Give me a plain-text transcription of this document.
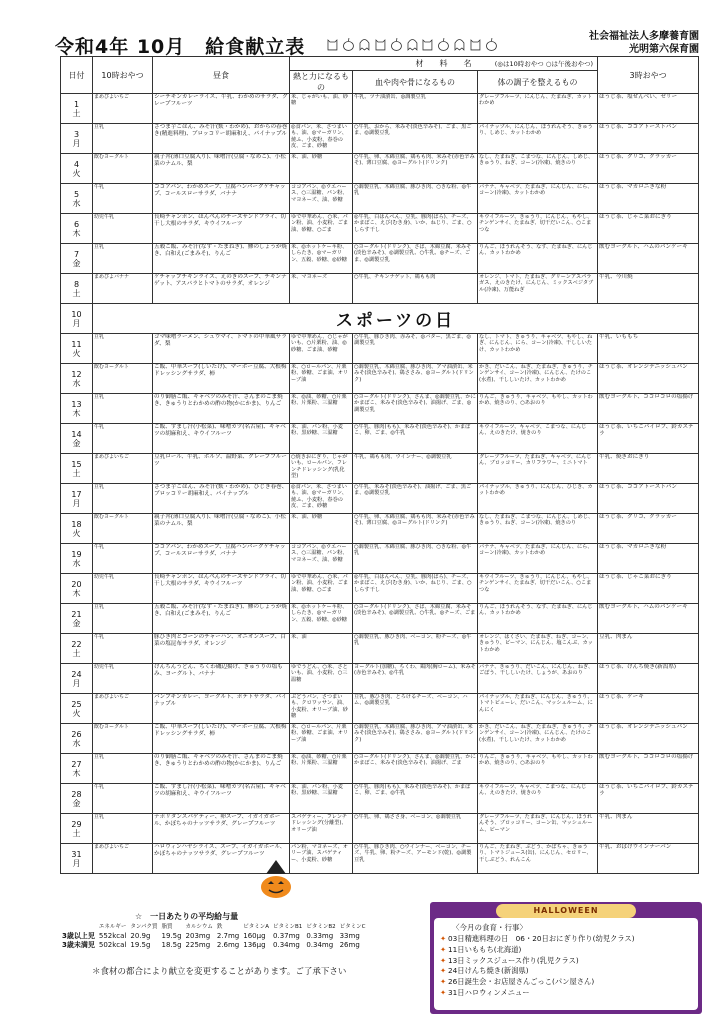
令和4年 10月　給食献立表	社会福祉法人多摩養育園
光明第六保育園
日付	10時おやつ	昼食	材　　料　　名 (◎は10時おやつ ○は午後おやつ)			3時おやつ
			熱と力になるもの	血や肉や骨になるもの	体の調子を整えるもの	

1
土	まめぴよいちご	シーチキンカレーライス、牛乳、わかめのサラダ、グレープフルーツ	米、じゃがいも、油、砂糖	牛乳、ツナ油漬缶、◎調製豆乳	グレープフルーツ、にんじん、たまねぎ、カットわかめ	ほうじ茶、塩せんべい、ゼリー

3
月	豆乳	さつま芋ごはん、みそ汁(麩・わかめ)、おからの春巻き(精進料理)、ブロッコリー胡麻和え、パイナップル	◎食パン、米、さつまいも、油、◎マーガリン、焼ふ、小麦粉、春巻の皮、ごま、砂糖	○牛乳、おから、米みそ(淡色辛みそ)、ごま、黒ごま、◎調製豆乳	パイナップル、にんじん、ほうれんそう、きゅうり、しめじ、カットわかめ	ほうじ茶、ココアトーストパン

4
火	飲むヨーグルト	親子丼(薄口豆腐入り)、味噌汁(豆腐・なめこ)、小松菜のナムル、梨	米、油、砂糖	○牛乳、卵、木綿豆腐、鶏もも肉、米みそ(赤色辛みそ)、薄口豆腐、◎ヨーグルト(ドリンク)	なし、たまねぎ、こまつな、にんじん、しめじ、きゅうり、ねぎ、コーン(冷凍)、焼きのり	ほうじ茶、グリコ、クラッカー

5
水	牛乳	ココアパン、わかめスープ、豆腐ハンバーグケチャップ、コールスローサラダ、バナナ	ココアパン、◎ウエハース、○三温糖、パン粉、マヨネーズ、油、砂糖	○調製豆乳、木綿豆腐、豚ひき肉、○きな粉、◎牛乳	バナナ、キャベツ、たまねぎ、にんじん、にら、コーン(冷凍)、カットわかめ	ほうじ茶、マカロニきな粉

6
木	幼児牛乳	長崎チャンポン、ほんぺんのチーズサンドフライ、切干し大根のサラダ、キウイフルーツ	ゆで中華めん、○米、パン粉、油、小麦粉、ごま油、砂糖、○ごま	◎牛乳、白はんぺん、豆乳、豚肉(ばら)、チーズ、かまぼこ、えび(むき身)、いか、ねじり、ごま、○しらす干し	キウイフルーツ、きゅうり、にんじん、もやし、チンゲンサイ、たまねぎ、切干だいこん、○こまつな	ほうじ茶、じゃこ菜おにぎり

7
金	豆乳	五穀ご飯、みそ汁(なす・たまねぎ)、鯵のしょうが焼き、白和え(ごまみそ)、りんご	米、◎ホットケーキ粉、しらたき、◎マーガリン、五穀、砂糖、◎砂糖	○ヨーグルト(ドリンク)、さば、木綿豆腐、米みそ(淡色辛みそ)、◎調製豆乳、○牛乳、◎チーズ、ごま、◎調製豆乳	りんご、ほうれんそう、なす、たまねぎ、にんじん、カットわかめ	飲むヨーグルト、ハムのパンケーキ

8
土	まめぴよバナナ	ケチャップチキンライス、えのきのスープ、チキンナゲット、アスパラとトマトのサラダ、オレンジ	米、マヨネーズ	○牛乳、チキンナゲット、鶏もも肉	オレンジ、トマト、たまねぎ、グリーンアスパラガス、えのきたけ、にんじん、ミックスベジタブル(冷凍)、万能ねぎ	牛乳、今川焼

10
月	スポーツの日					

11
火	豆乳	ゴマ味噌ラーメン、シュウマイ、トマトの中華風サラダ、梨	ゆで中華めん、○じゃがいも、○片栗粉、油、◎砂糖、ごま油、砂糖	○牛乳、豚ひき肉、赤みそ、◎バター、黒ごま、◎調製豆乳	なし、トマト、きゅうり、キャベツ、もやし、ねぎ、にんじん、にら、コーン(冷凍)、干ししいたけ、カットわかめ	牛乳、いももち

12
水	飲むヨーグルト	ご飯、中華スープ(しいたけ)、マーボー豆腐、大根梅ドレッシングサラダ、柿	米、○ロールパン、片栗粉、砂糖、ごま油、オリーブ油	○調製豆乳、木綿豆腐、豚ひき肉、アマ油漬缶、米みそ(淡色辛みそ)、鶏ささみ、◎ヨーグルト(ドリンク)	かき、だいこん、ねぎ、たまねぎ、きゅうり、チンゲンサイ、コーン(冷凍)、にんじん、たけのこ(水煮)、干ししいたけ、カットわかめ	ほうじ茶、オレンジデニッシュパン

13
木	豆乳	のり御膳ご飯、キャベツのみそ汁、さんまのごま焼き、きゅうりとわかめの酢の物(かにかま)、りんご	米、◎油、砂糖、○片栗粉、片栗粉、三温糖	○ヨーグルト(ドリンク)、さんま、◎調製豆乳、かにかまぼこ、米みそ(淡色辛みそ)、油揚げ、ごま、◎調製豆乳	りんご、きゅうり、キャベツ、もやし、カットわかめ、焼きのり、○あおのり	飲むヨーグルト、ココロコロの塩揚げ

14
金	牛乳	ご飯、すまし汁(小松菜)、味噌カツ(名古屋)、キャベツの胡麻和え、キウイフルーツ	米、油、パン粉、小麦粉、黒砂糖、三温糖	○牛乳、豚肉(もも)、米みそ(淡色辛みそ)、かまぼこ、卵、ごま、◎牛乳	キウイフルーツ、キャベツ、こまつな、にんじん、えのきたけ、焼きのり	ほうじ茶、いちごパイロブ、鈴カステラ

15
土	まめぴよいちご	豆乳ロール、牛乳、ボルソ、温野菜、グレープフルーツ	○焼きおにぎり、じゃがいも、ロールパン、フレンチドレッシング(乳化型)	牛乳、鶏もも肉、ウインナー、◎調製豆乳	グレープフルーツ、たまねぎ、キャベツ、にんじん、ブロッコリー、カリフラワー、ミニトマト	牛乳、焼きおにぎり

17
月	豆乳	さつま芋ごはん、みそ汁(麩・わかめ)、ひじき春巻、ブロッコリー胡麻和え、パイナップル	◎食パン、米、さつまいも、油、◎マーガリン、焼ふ、小麦粉、春巻の皮、ごま、砂糖	○牛乳、米みそ(淡色辛みそ)、油揚げ、ごま、黒ごま、◎調製豆乳	パイナップル、きゅうり、にんじん、ひじき、カットわかめ	ほうじ茶、ココアトーストパン

18
火	飲むヨーグルト	親子丼(薄口豆腐入り)、味噌汁(豆腐・なめこ)、小松菜のナムル、梨	米、油、砂糖	○牛乳、卵、木綿豆腐、鶏もも肉、米みそ(赤色辛みそ)、薄口豆腐、◎ヨーグルト(ドリンク)	なし、たまねぎ、こまつな、にんじん、しめじ、きゅうり、ねぎ、コーン(冷凍)、焼きのり	ほうじ茶、グリコ、クラッカー

19
水	牛乳	ココアパン、わかめスープ、豆腐ハンバーグケチャップ、コールスローサラダ、バナナ	ココアパン、◎ウエハース、○三温糖、パン粉、マヨネーズ、油、砂糖	○調製豆乳、木綿豆腐、豚ひき肉、○きな粉、◎牛乳	バナナ、キャベツ、たまねぎ、にんじん、にら、コーン(冷凍)、カットわかめ	ほうじ茶、マカロニきな粉

20
木	幼児牛乳	長崎チャンポン、はんぺんのチーズサンドフライ、切干し大根のサラダ、キウイフルーツ	ゆで中華めん、○米、パン粉、油、小麦粉、ごま油、砂糖、○ごま	◎牛乳、白はんぺん、豆乳、豚肉(ばら)、チーズ、かまぼこ、えび(むき身)、いか、ねじり、ごま、○しらす干し	キウイフルーツ、きゅうり、にんじん、もやし、チンゲンサイ、たまねぎ、切干だいこん、○こまつな	ほうじ茶、じゃこ菜おにぎり

21
金	豆乳	五穀ご飯、みそ汁(なす・たまねぎ)、鯵のしょうが焼き、白和え(ごまみそ)、りんご	米、◎ホットケーキ粉、しらたき、◎マーガリン、五穀、砂糖、◎砂糖	○ヨーグルト(ドリンク)、さば、木綿豆腐、米みそ(淡色辛みそ)、◎調製豆乳、○牛乳、◎チーズ、ごま	りんご、ほうれんそう、なす、たまねぎ、にんじん、カットわかめ	飲むヨーグルト、ハムのパンケーキ

22
土	牛乳	豚ひき肉とコーンのチャーハン、オニオンスープ、白菜の塩昆布サラダ、オレンジ	米、油	○調製豆乳、豚ひき肉、ベーコン、粉チーズ、◎牛乳	オレンジ、はくさい、たまねぎ、ねぎ、コーン、きゅうり、ピーマン、にんじん、塩こんぶ、カットわかめ	豆乳、肉まん

24
月	幼児牛乳	けんちんうどん、ちくわ磯辺揚げ、きゅうりの塩もみ、ヨーグルト、バナナ	ゆでうどん、○米、さといも、油、小麦粉、○三温糖	ヨーグルト(加糖)、ちくわ、鶏肉(胸ローム)、米みそ(赤色辛みそ)、◎牛乳	バナナ、きゅうり、だいこん、にんじん、ねぎ、ごぼう、干ししいたけ、しょうが、あおのり	ほうじ茶、けんち焼き(新潟県)

25
火	まめぴよいちご	パンプキンカレー、ヨーグルト、ポテトサラダ、パイナップル	ぶどうパン、さつまいも、クロワッサン、油、小麦粉、オリーブ油、砂糖	豆乳、豚ひき肉、とろけるチーズ、ベーコン、ハム、◎調製豆乳	パイナップル、たまねぎ、にんじん、きゅうり、トマトピューレ、だいこん、マッシュルーム、にんにく	ほうじ茶、ケーキ

26
水	飲むヨーグルト	ご飯、中華スープ(しいたけ)、マーボー豆腐、大根梅ドレッシングサラダ、柿	米、○ロールパン、片栗粉、砂糖、ごま油、オリーブ油	○調製豆乳、木綿豆腐、豚ひき肉、アマ油漬缶、米みそ(淡色辛みそ)、鶏ささみ、◎ヨーグルト(ドリンク)	かき、だいこん、ねぎ、たまねぎ、きゅうり、チンゲンサイ、コーン(冷凍)、にんじん、たけのこ(水煮)、干ししいたけ、カットわかめ	ほうじ茶、オレンジデニッシュパン

27
木	豆乳	のり御膳ご飯、キャベツのみそ汁、さんまのごま焼き、きゅうりとわかめの酢の物(かにかま)、りんご	米、◎油、砂糖、○片栗粉、片栗粉、三温糖	○ヨーグルト(ドリンク)、さんま、◎調製豆乳、かにかまぼこ、米みそ(淡色辛みそ)、油揚げ、ごま	りんご、きゅうり、キャベツ、もやし、カットわかめ、焼きのり、○あおのり	飲むヨーグルト、ココロコロの塩揚げ

28
金	牛乳	ご飯、すまし汁(小松菜)、味噌カツ(名古屋)、キャベツの胡麻和え、キウイフルーツ	米、油、パン粉、小麦粉、黒砂糖、三温糖	○牛乳、豚肉(もも)、米みそ(淡色辛みそ)、かまぼこ、卵、ごま、◎牛乳	キウイフルーツ、キャベツ、こまつな、にんじん、えのきたけ、焼きのり	ほうじ茶、いちごパイロブ、鈴カステラ

29
土	豆乳	ナポリタンスパゲティー、卵スープ、イガイガボール、かぼちゃのナッツサラダ、グレープフルーツ	スパゲティー、フレンチドレッシング(分離型)、オリーブ油	○牛乳、卵、鶏ささ身、ベーコン、◎調製豆乳	グレープフルーツ、たまねぎ、にんじん、ほうれんそう、ブロッコリー、コーン缶、マッシュルーム、ピーマン	牛乳、肉まん

31
月	まめぴよいちご	ハロウィンハヤシライス、スープ、イガイガボール、かぼちゃのナッツサラダ、グレープフルーツ	パン粉、マヨネーズ、オリーブ油、スパゲティー、小麦粉、砂糖	○牛乳、豚ひき肉、○ウインナー、ベーコン、チーズ、牛乳、卵、粉チーズ、アーモンド(乾)、◎調製豆乳	りんご、たまねぎ、ぶどう、かぼちゃ、きゅうり、トマトジュース(缶)、にんじん、セロリー、干しぶどう、れんこん	牛乳、おばけウインナーパン
☆　一日あたりの平均給与量
	エネルギー	タンパク質	脂質	カルシウム	鉄	ビタミンA	ビタミンB1	ビタミンB2	ビタミンC
3歳以上児	552kcal	20.9g	19.5g	203mg	2.7mg	160μg	0.37mg	0.33mg	33mg
3歳未満児	502kcal	19.5g	18.5g	225mg	2.6mg	136μg	0.34mg	0.34mg	26mg
＊食材の都合により献立を変更することがあります。ご了承下さい
HALLOWEEN
〈今月の食育・行事〉
✦ 03日精進料理の日　06・20日おにぎり作り(幼児クラス)
✦ 11日いももち(北海道)
✦ 13日ミックスジュース作り(乳児クラス)
✦ 24日けんち焼き(新潟県)
✦ 26日誕生会・お店屋さんごっこ(パン屋さん)
✦ 31日ハロウィンメニュー
